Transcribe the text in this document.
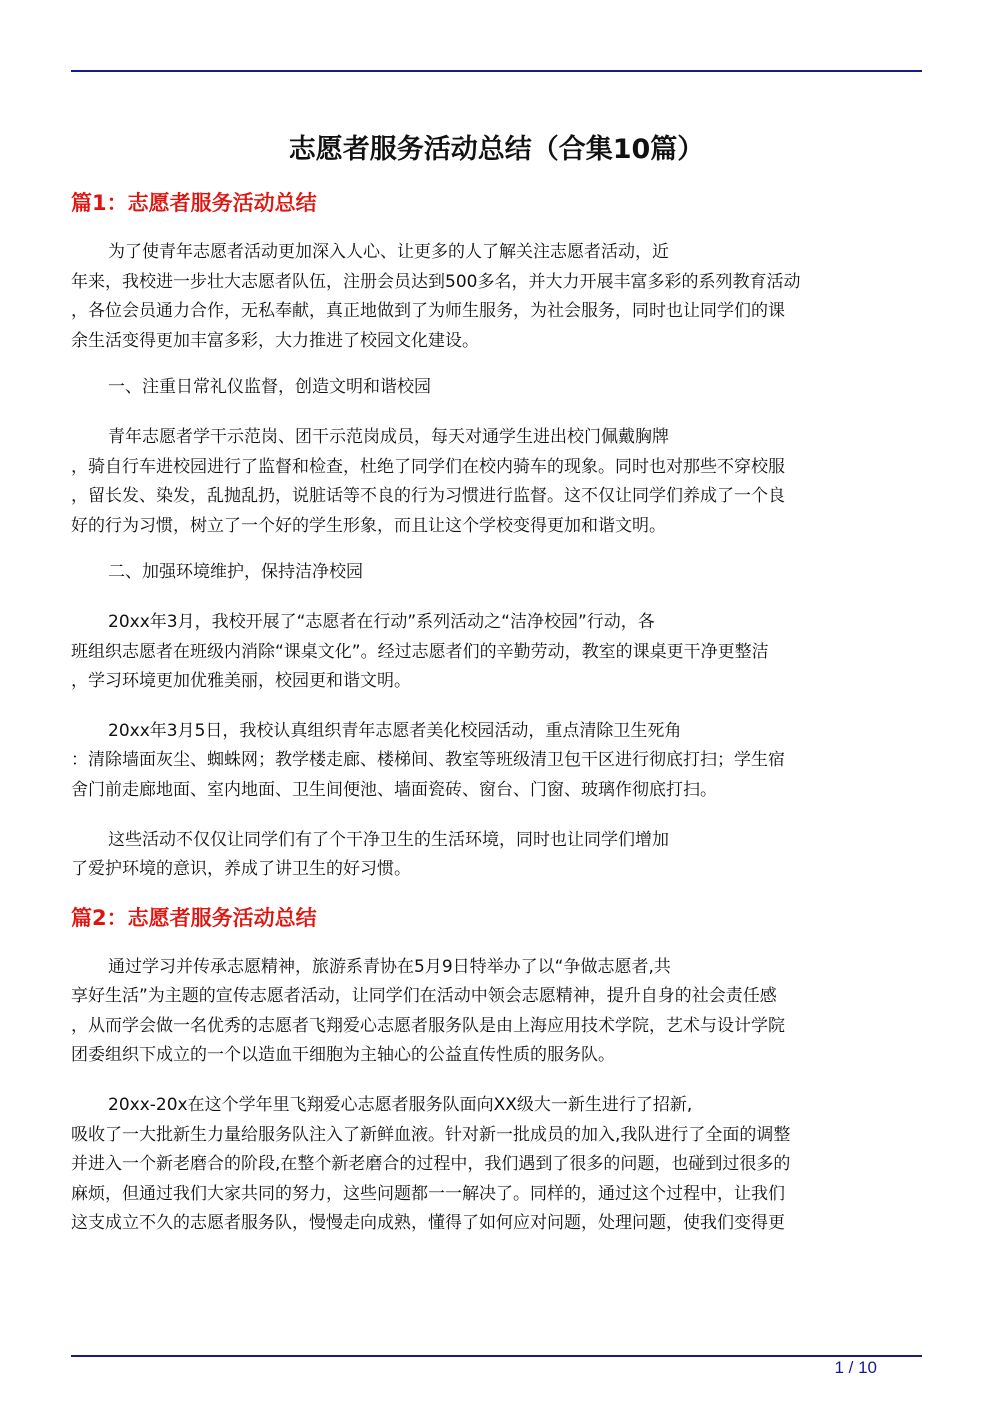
志愿者服务活动总结（合集10篇）
篇1：志愿者服务活动总结

为了使青年志愿者活动更加深入人心、让更多的人了解关注志愿者活动，近
年来，我校进一步壮大志愿者队伍，注册会员达到500多名，并大力开展丰富多彩的系列教育活动
，各位会员通力合作，无私奉献，真正地做到了为师生服务，为社会服务，同时也让同学们的课
余生活变得更加丰富多彩，大力推进了校园文化建设。

一、注重日常礼仪监督，创造文明和谐校园

青年志愿者学干示范岗、团干示范岗成员，每天对通学生进出校门佩戴胸牌
，骑自行车进校园进行了监督和检查，杜绝了同学们在校内骑车的现象。同时也对那些不穿校服
，留长发、染发，乱抛乱扔，说脏话等不良的行为习惯进行监督。这不仅让同学们养成了一个良
好的行为习惯，树立了一个好的学生形象，而且让这个学校变得更加和谐文明。

二、加强环境维护，保持洁净校园

20xx年3月，我校开展了“志愿者在行动”系列活动之“洁净校园”行动，各
班组织志愿者在班级内消除“课桌文化”。经过志愿者们的辛勤劳动，教室的课桌更干净更整洁
，学习环境更加优雅美丽，校园更和谐文明。

20xx年3月5日，我校认真组织青年志愿者美化校园活动，重点清除卫生死角
：清除墙面灰尘、蜘蛛网；教学楼走廊、楼梯间、教室等班级清卫包干区进行彻底打扫；学生宿
舍门前走廊地面、室内地面、卫生间便池、墙面瓷砖、窗台、门窗、玻璃作彻底打扫。

这些活动不仅仅让同学们有了个干净卫生的生活环境，同时也让同学们增加
了爱护环境的意识，养成了讲卫生的好习惯。

篇2：志愿者服务活动总结

通过学习并传承志愿精神，旅游系青协在5月9日特举办了以“争做志愿者,共
享好生活”为主题的宣传志愿者活动，让同学们在活动中领会志愿精神，提升自身的社会责任感
，从而学会做一名优秀的志愿者飞翔爱心志愿者服务队是由上海应用技术学院，艺术与设计学院
团委组织下成立的一个以造血干细胞为主轴心的公益直传性质的服务队。

20xx-20x在这个学年里飞翔爱心志愿者服务队面向XX级大一新生进行了招新,
吸收了一大批新生力量给服务队注入了新鲜血液。针对新一批成员的加入,我队进行了全面的调整
并进入一个新老磨合的阶段,在整个新老磨合的过程中，我们遇到了很多的问题，也碰到过很多的
麻烦，但通过我们大家共同的努力，这些问题都一一解决了。同样的，通过这个过程中，让我们
这支成立不久的志愿者服务队，慢慢走向成熟，懂得了如何应对问题，处理问题，使我们变得更

1 / 10
